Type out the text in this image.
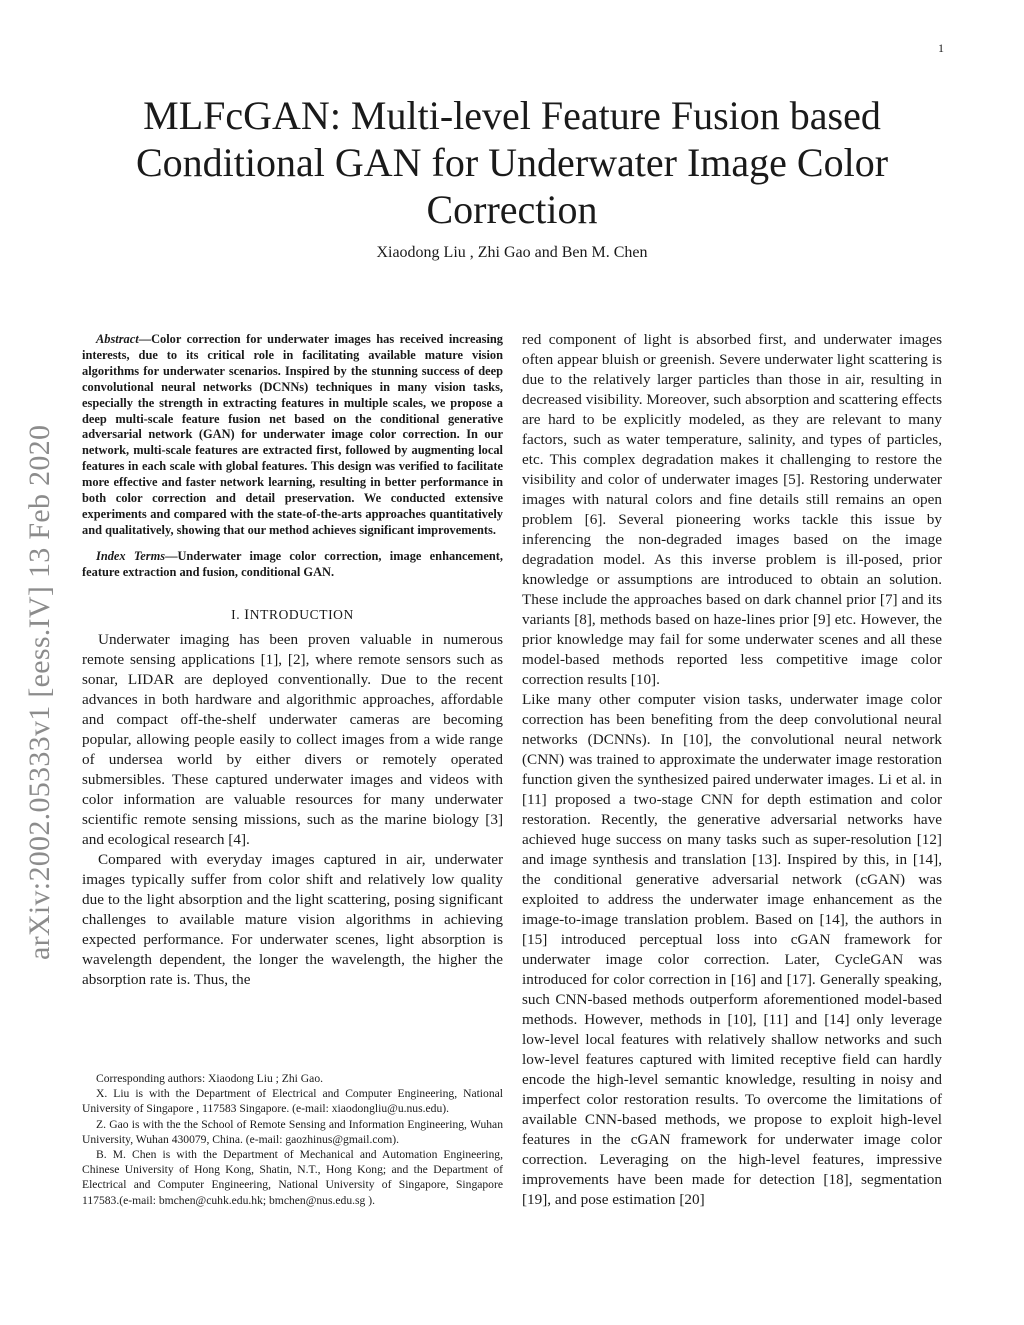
1
arXiv:2002.05333v1 [eess.IV] 13 Feb 2020
MLFcGAN: Multi-level Feature Fusion based
Conditional GAN for Underwater Image Color
Correction
Xiaodong Liu , Zhi Gao and Ben M. Chen

Abstract—Color correction for underwater images has received increasing interests, due to its critical role in facilitating available mature vision algorithms for underwater scenarios. Inspired by the stunning success of deep convolutional neural networks (DCNNs) techniques in many vision tasks, especially the strength in extracting features in multiple scales, we propose a deep multi-scale feature fusion net based on the conditional generative adversarial network (GAN) for underwater image color correction. In our network, multi-scale features are extracted first, followed by augmenting local features in each scale with global features. This design was verified to facilitate more effective and faster network learning, resulting in better performance in both color correction and detail preservation. We conducted extensive experiments and compared with the state-of-the-arts approaches quantitatively and qualitatively, showing that our method achieves significant improvements.

Index Terms—Underwater image color correction, image enhancement, feature extraction and fusion, conditional GAN.

I. INTRODUCTION

Underwater imaging has been proven valuable in numerous remote sensing applications [1], [2], where remote sensors such as sonar, LIDAR are deployed conventionally. Due to the recent advances in both hardware and algorithmic approaches, affordable and compact off-the-shelf underwater cameras are becoming popular, allowing people easily to collect images from a wide range of undersea world by either divers or remotely operated submersibles. These captured underwater images and videos with color information are valuable resources for many underwater scientific remote sensing missions, such as the marine biology [3] and ecological research [4].

Compared with everyday images captured in air, underwater images typically suffer from color shift and relatively low quality due to the light absorption and the light scattering, posing significant challenges to available mature vision algorithms in achieving expected performance. For underwater scenes, light absorption is wavelength dependent, the longer the wavelength, the higher the absorption rate is. Thus, the

red component of light is absorbed first, and underwater images often appear bluish or greenish. Severe underwater light scattering is due to the relatively larger particles than those in air, resulting in decreased visibility. Moreover, such absorption and scattering effects are hard to be explicitly modeled, as they are relevant to many factors, such as water temperature, salinity, and types of particles, etc. This complex degradation makes it challenging to restore the visibility and color of underwater images [5]. Restoring underwater images with natural colors and fine details still remains an open problem [6]. Several pioneering works tackle this issue by inferencing the non-degraded images based on the image degradation model. As this inverse problem is ill-posed, prior knowledge or assumptions are introduced to obtain an solution. These include the approaches based on dark channel prior [7] and its variants [8], methods based on haze-lines prior [9] etc. However, the prior knowledge may fail for some underwater scenes and all these model-based methods reported less competitive image color correction results [10].

Like many other computer vision tasks, underwater image color correction has been benefiting from the deep convolutional neural networks (DCNNs). In [10], the convolutional neural network (CNN) was trained to approximate the underwater image restoration function given the synthesized paired underwater images. Li et al. in [11] proposed a two-stage CNN for depth estimation and color restoration. Recently, the generative adversarial networks have achieved huge success on many tasks such as super-resolution [12] and image synthesis and translation [13]. Inspired by this, in [14], the conditional generative adversarial network (cGAN) was exploited to address the underwater image enhancement as the image-to-image translation problem. Based on [14], the authors in [15] introduced perceptual loss into cGAN framework for underwater image color correction. Later, CycleGAN was introduced for color correction in [16] and [17]. Generally speaking, such CNN-based methods outperform aforementioned model-based methods. However, methods in [10], [11] and [14] only leverage low-level local features with relatively shallow networks and such low-level features captured with limited receptive field can hardly encode the high-level semantic knowledge, resulting in noisy and imperfect color restoration results. To overcome the limitations of available CNN-based methods, we propose to exploit high-level features in the cGAN framework for underwater image color correction. Leveraging on the high-level features, impressive improvements have been made for detection [18], segmentation [19], and pose estimation [20]

Corresponding authors: Xiaodong Liu ; Zhi Gao.

X. Liu is with the Department of Electrical and Computer Engineering, National University of Singapore , 117583 Singapore. (e-mail: xiaodongliu@u.nus.edu).

Z. Gao is with the the School of Remote Sensing and Information Engineering, Wuhan University, Wuhan 430079, China. (e-mail: gaozhinus@gmail.com).

B. M. Chen is with the Department of Mechanical and Automation Engineering, Chinese University of Hong Kong, Shatin, N.T., Hong Kong; and the Department of Electrical and Computer Engineering, National University of Singapore, Singapore 117583.(e-mail: bmchen@cuhk.edu.hk; bmchen@nus.edu.sg ).
